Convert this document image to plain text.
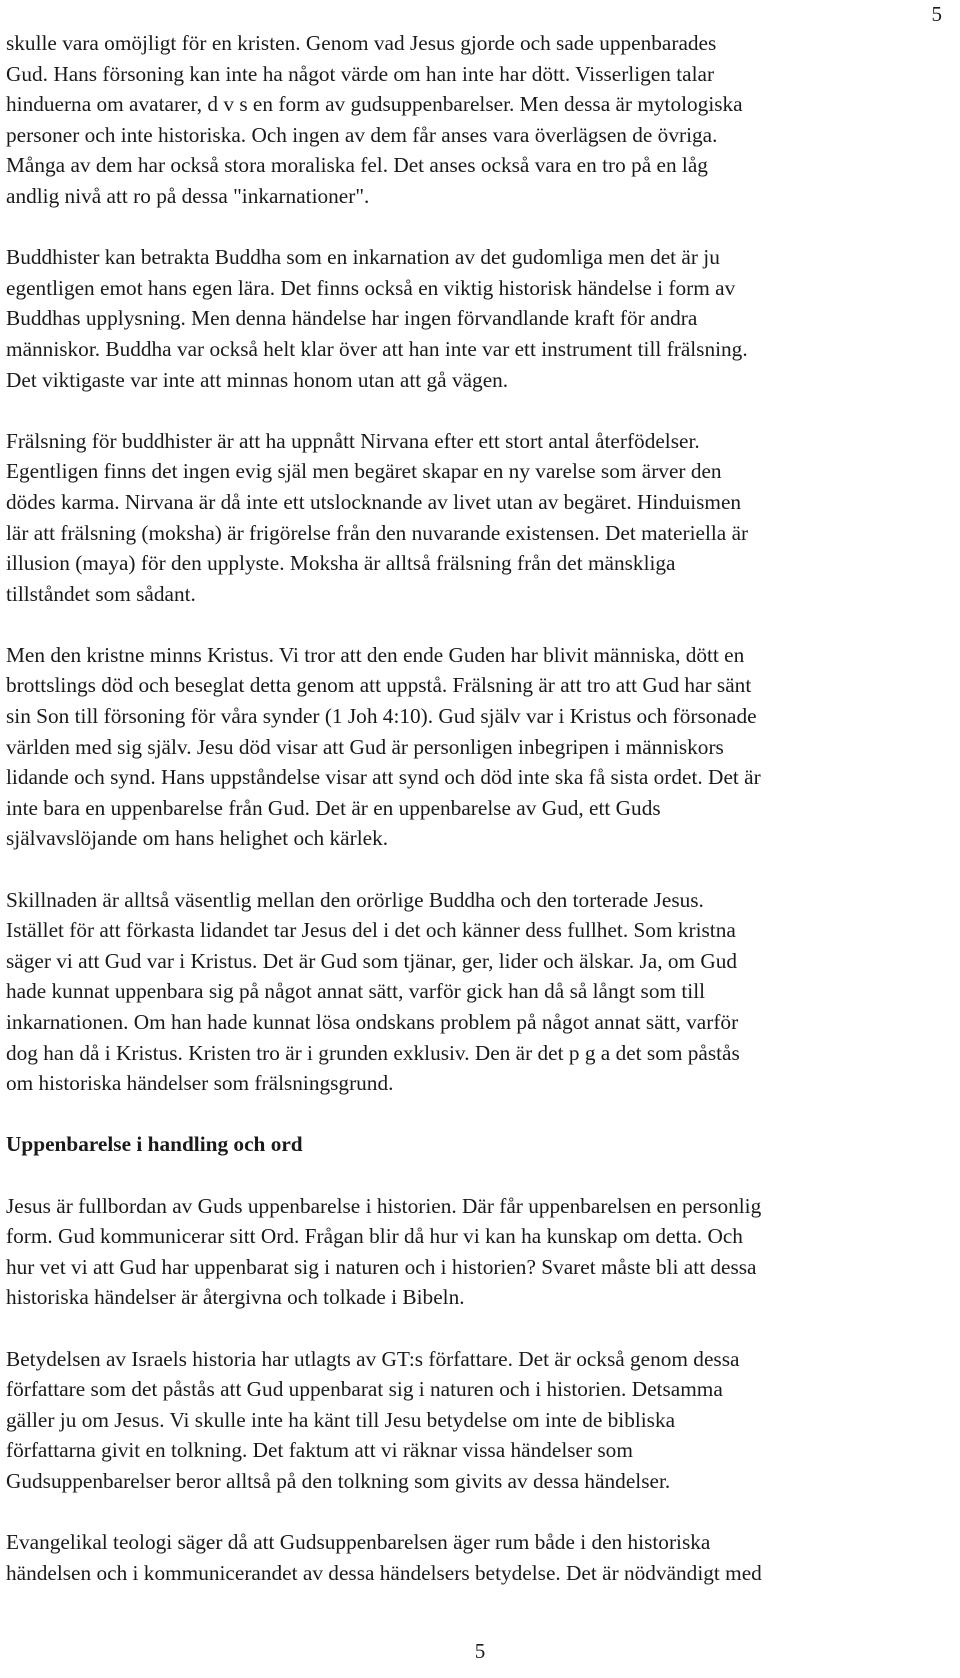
5

skulle vara omöjligt för en kristen. Genom vad Jesus gjorde och sade uppenbarades
Gud. Hans försoning kan inte ha något värde om han inte har dött. Visserligen talar
hinduerna om avatarer, d v s en form av gudsuppenbarelser. Men dessa är mytologiska
personer och inte historiska. Och ingen av dem får anses vara överlägsen de övriga.
Många av dem har också stora moraliska fel. Det anses också vara en tro på en låg
andlig nivå att ro på dessa "inkarnationer".

Buddhister kan betrakta Buddha som en inkarnation av det gudomliga men det är ju
egentligen emot hans egen lära. Det finns också en viktig historisk händelse i form av
Buddhas upplysning. Men denna händelse har ingen förvandlande kraft för andra
människor. Buddha var också helt klar över att han inte var ett instrument till frälsning.
Det viktigaste var inte att minnas honom utan att gå vägen.

Frälsning för buddhister är att ha uppnått Nirvana efter ett stort antal återfödelser.
Egentligen finns det ingen evig själ men begäret skapar en ny varelse som ärver den
dödes karma. Nirvana är då inte ett utslocknande av livet utan av begäret. Hinduismen
lär att frälsning (moksha) är frigörelse från den nuvarande existensen. Det materiella är
illusion (maya) för den upplyste. Moksha är alltså frälsning från det mänskliga
tillståndet som sådant.

Men den kristne minns Kristus. Vi tror att den ende Guden har blivit människa, dött en
brottslings död och beseglat detta genom att uppstå. Frälsning är att tro att Gud har sänt
sin Son till försoning för våra synder (1 Joh 4:10). Gud själv var i Kristus och försonade
världen med sig själv. Jesu död visar att Gud är personligen inbegripen i människors
lidande och synd. Hans uppståndelse visar att synd och död inte ska få sista ordet. Det är
inte bara en uppenbarelse från Gud. Det är en uppenbarelse av Gud, ett Guds
självavslöjande om hans helighet och kärlek.

Skillnaden är alltså väsentlig mellan den orörlige Buddha och den torterade Jesus.
Istället för att förkasta lidandet tar Jesus del i det och känner dess fullhet. Som kristna
säger vi att Gud var i Kristus. Det är Gud som tjänar, ger, lider och älskar. Ja, om Gud
hade kunnat uppenbara sig på något annat sätt, varför gick han då så långt som till
inkarnationen. Om han hade kunnat lösa ondskans problem på något annat sätt, varför
dog han då i Kristus. Kristen tro är i grunden exklusiv. Den är det p g a det som påstås
om historiska händelser som frälsningsgrund.

Uppenbarelse i handling och ord

Jesus är fullbordan av Guds uppenbarelse i historien. Där får uppenbarelsen en personlig
form. Gud kommunicerar sitt Ord. Frågan blir då hur vi kan ha kunskap om detta. Och
hur vet vi att Gud har uppenbarat sig i naturen och i historien? Svaret måste bli att dessa
historiska händelser är återgivna och tolkade i Bibeln.

Betydelsen av Israels historia har utlagts av GT:s författare. Det är också genom dessa
författare som det påstås att Gud uppenbarat sig i naturen och i historien. Detsamma
gäller ju om Jesus. Vi skulle inte ha känt till Jesu betydelse om inte de bibliska
författarna givit en tolkning. Det faktum att vi räknar vissa händelser som
Gudsuppenbarelser beror alltså på den tolkning som givits av dessa händelser.

Evangelikal teologi säger då att Gudsuppenbarelsen äger rum både i den historiska
händelsen och i kommunicerandet av dessa händelsers betydelse. Det är nödvändigt med

5
